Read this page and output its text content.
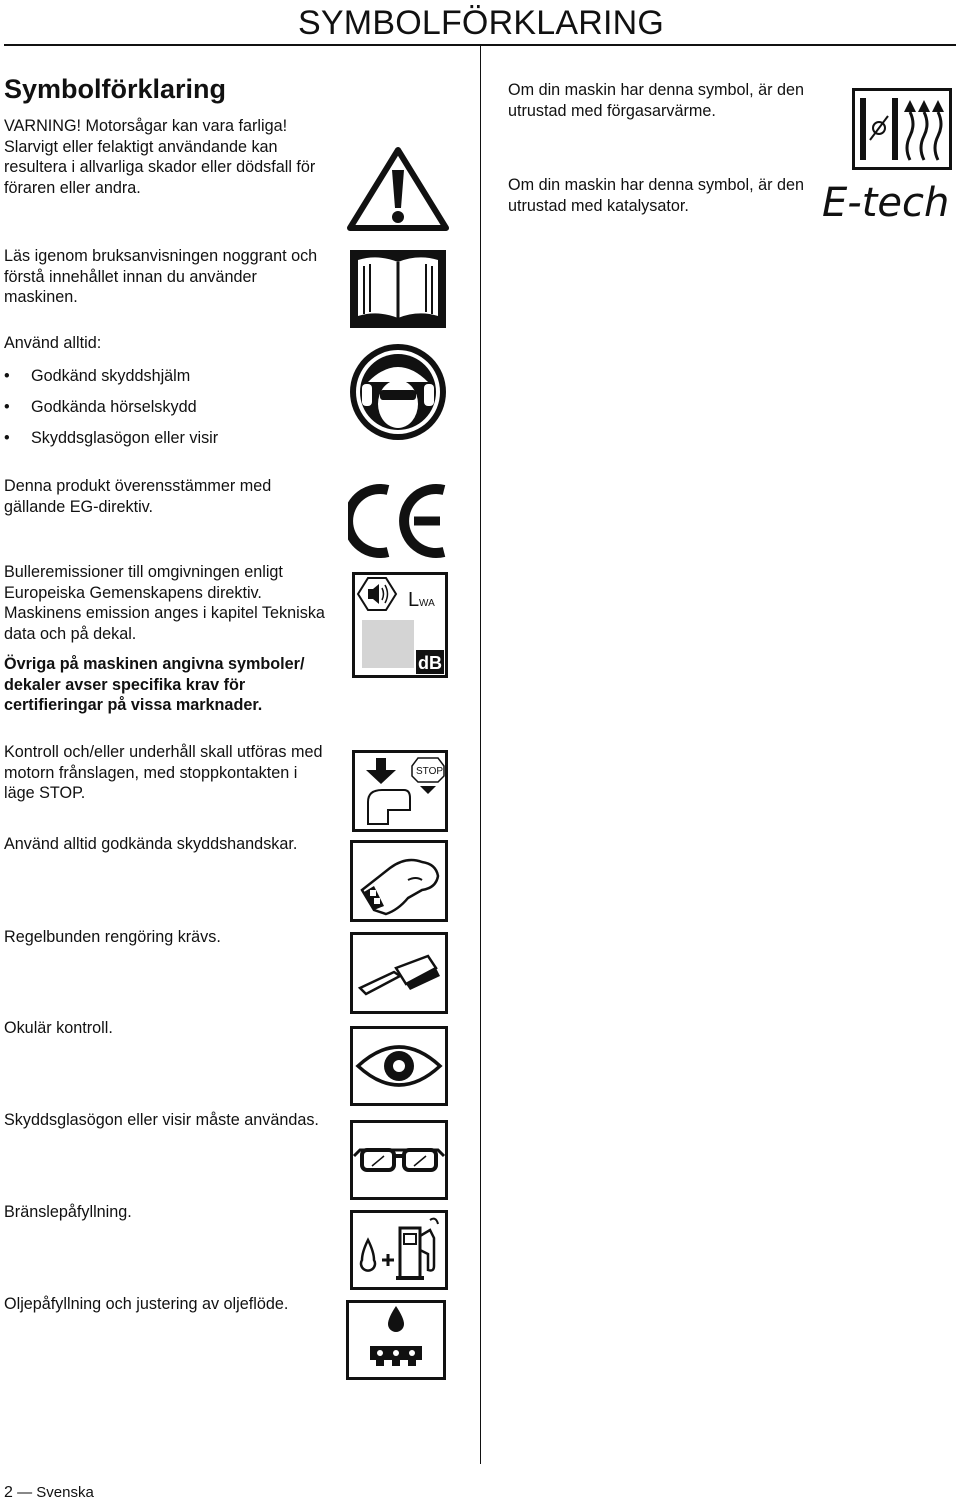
SYMBOLFÖRKLARING
Symbolförklaring

VARNING! Motorsågar kan vara farliga!

Slarvigt eller felaktigt användande kan

resultera i allvarliga skador eller dödsfall för

föraren eller andra.

Läs igenom bruksanvisningen noggrant och

förstå innehållet innan du använder

maskinen.

Använd alltid:
• Godkänd skyddshjälm
• Godkända hörselskydd
• Skyddsglasögon eller visir

Denna produkt överensstämmer med

gällande EG-direktiv.

Bulleremissioner till omgivningen enligt

Europeiska Gemenskapens direktiv.

Maskinens emission anges i kapitel Tekniska

data och på dekal.

L WA
dB

Övriga på maskinen angivna symboler/

dekaler avser specifika krav för

certifieringar på vissa marknader.

Kontroll och/eller underhåll skall utföras med

motorn frånslagen, med stoppkontakten i

läge STOP.

STOP
Använd alltid godkända skyddshandskar.
Regelbunden rengöring krävs.
Okulär kontroll.
Skyddsglasögon eller visir måste användas.
Bränslepåfyllning.
Oljepåfyllning och justering av oljeflöde.
Om din maskin har denna symbol, är den
utrustad med förgasarvärme.
Om din maskin har denna symbol, är den
utrustad med katalysator.	E-tech
2 — Svenska
